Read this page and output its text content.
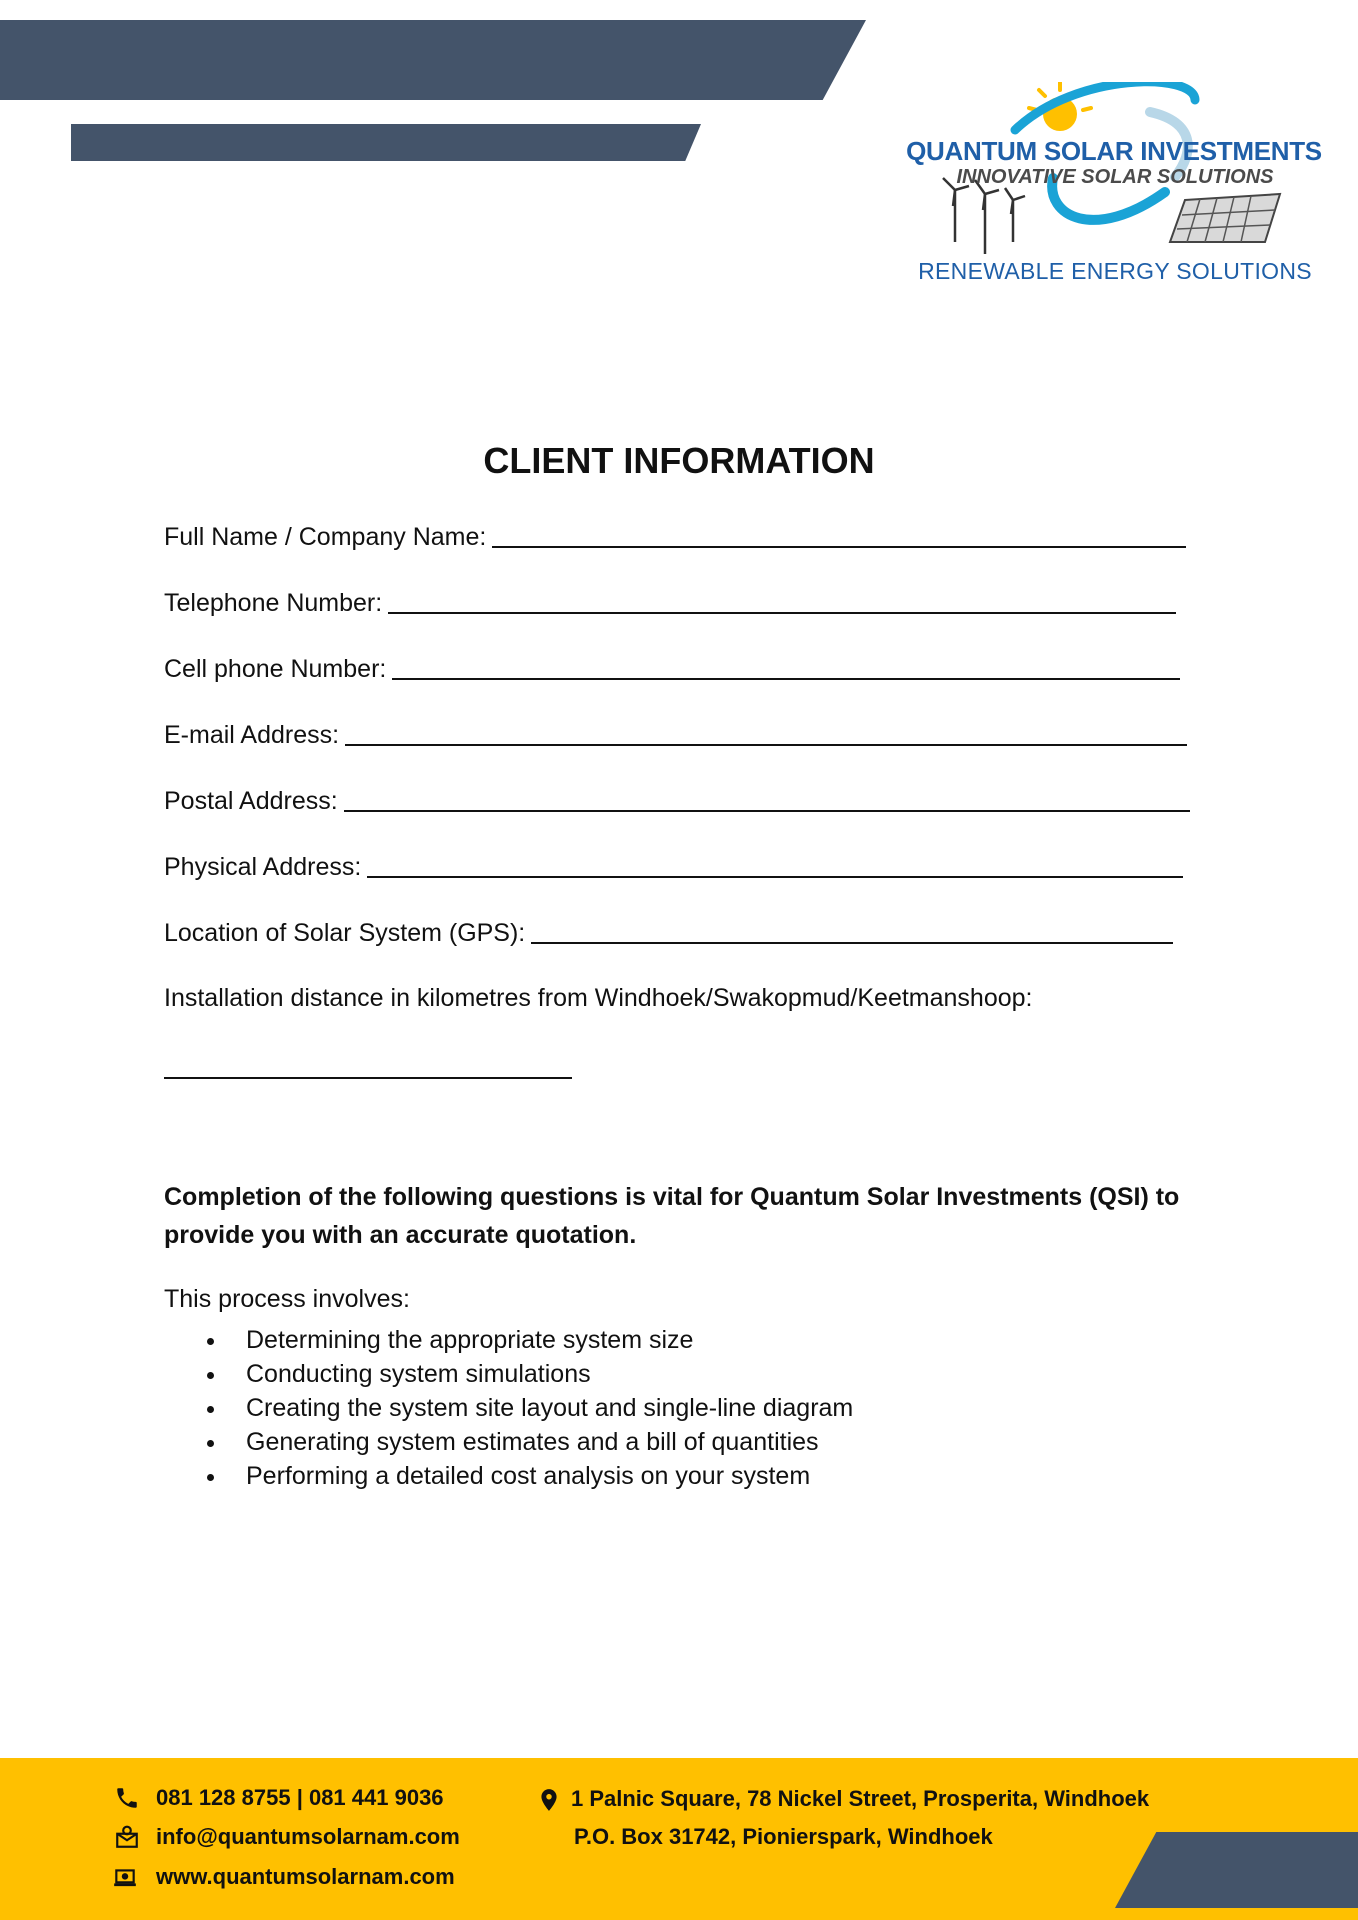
QUANTUM SOLAR INVESTMENTS
INNOVATIVE SOLAR SOLUTIONS
RENEWABLE ENERGY SOLUTIONS
CLIENT INFORMATION
Full Name / Company Name:
Telephone Number:
Cell phone Number:
E-mail Address:
Postal Address:
Physical Address:
Location of Solar System (GPS):
Installation distance in kilometres from Windhoek/Swakopmud/Keetmanshoop:
Completion of the following questions is vital for Quantum Solar Investments (QSI) to provide you with an accurate quotation.
This process involves:
Determining the appropriate system size
Conducting system simulations
Creating the system site layout and single-line diagram
Generating system estimates and a bill of quantities
Performing a detailed cost analysis on your system
081 128 8755 | 081 441 9036
info@quantumsolarnam.com
www.quantumsolarnam.com
1 Palnic Square, 78 Nickel Street, Prosperita, Windhoek
P.O. Box 31742, Pionierspark, Windhoek
